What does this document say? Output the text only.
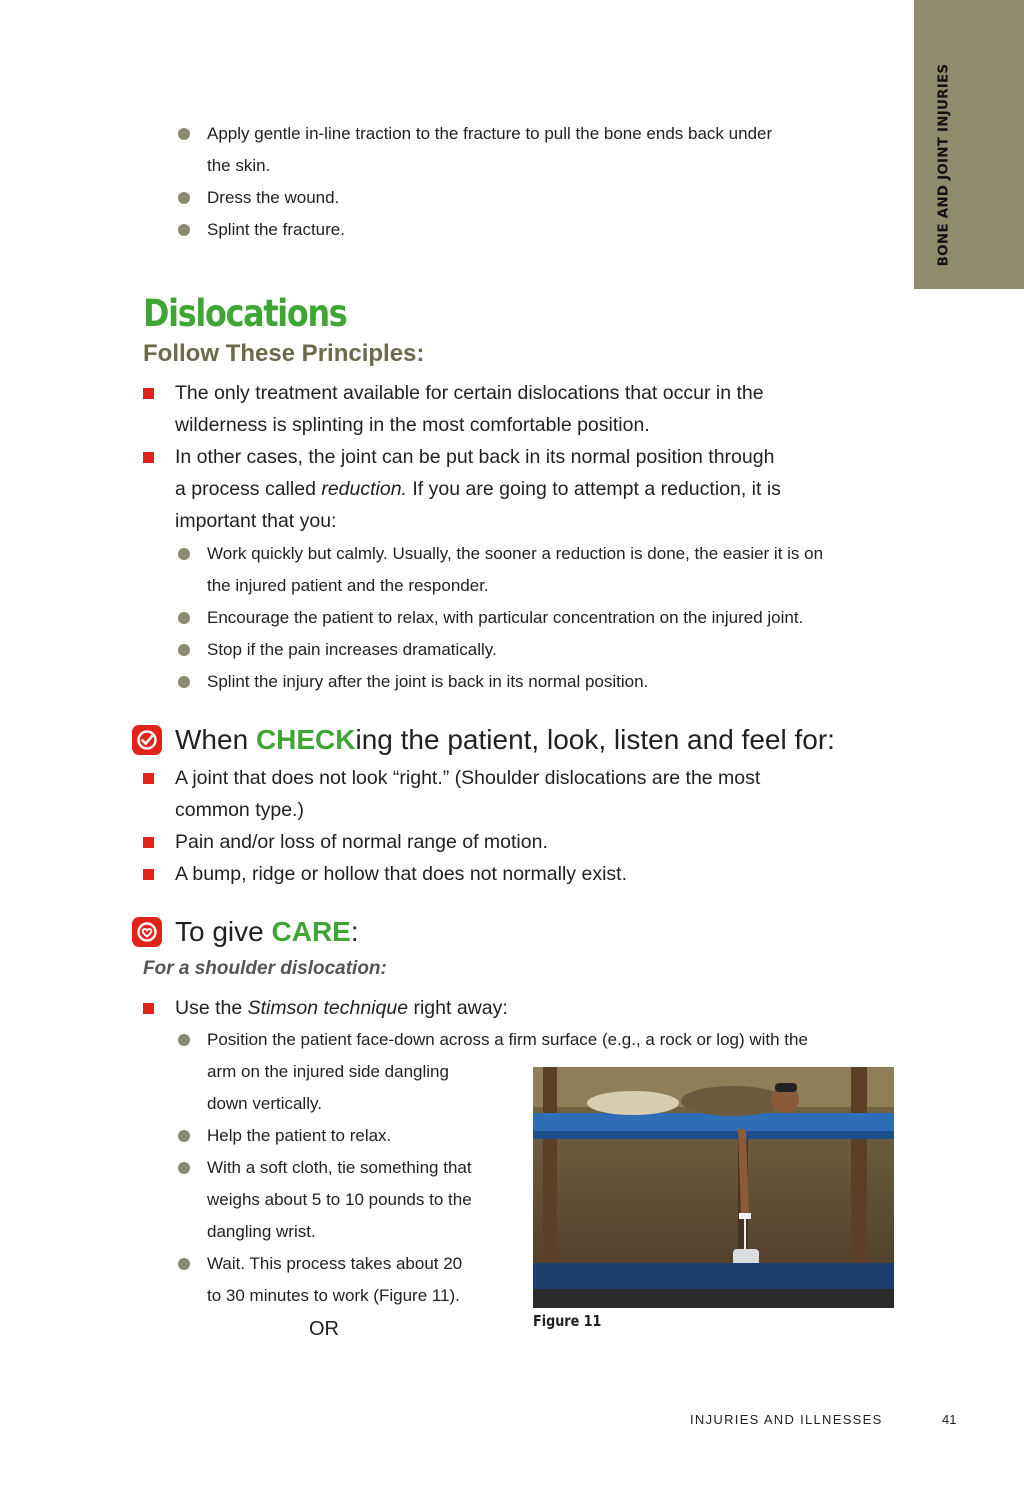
BONE AND JOINT INJURIES
Apply gentle in-line traction to the fracture to pull the bone ends back under
the skin.
Dress the wound.
Splint the fracture.
Dislocations
Follow These Principles:
The only treatment available for certain dislocations that occur in the
wilderness is splinting in the most comfortable position.
In other cases, the joint can be put back in its normal position through
a process called reduction. If you are going to attempt a reduction, it is
important that you:
Work quickly but calmly. Usually, the sooner a reduction is done, the easier it is on
the injured patient and the responder.
Encourage the patient to relax, with particular concentration on the injured joint.
Stop if the pain increases dramatically.
Splint the injury after the joint is back in its normal position.
When CHECK ing the patient, look, listen and feel for:
A joint that does not look “right.” (Shoulder dislocations are the most
common type.)
Pain and/or loss of normal range of motion.
A bump, ridge or hollow that does not normally exist.
To give CARE :
For a shoulder dislocation:
Use the Stimson technique right away:
Position the patient face-down across a firm surface (e.g., a rock or log) with the
arm on the injured side dangling
down vertically.
Help the patient to relax.
With a soft cloth, tie something that
weighs about 5 to 10 pounds to the
dangling wrist.
Wait. This process takes about 20
to 30 minutes to work (Figure 11).
OR	Figure 11
INJURIES AND ILLNESSES	41
